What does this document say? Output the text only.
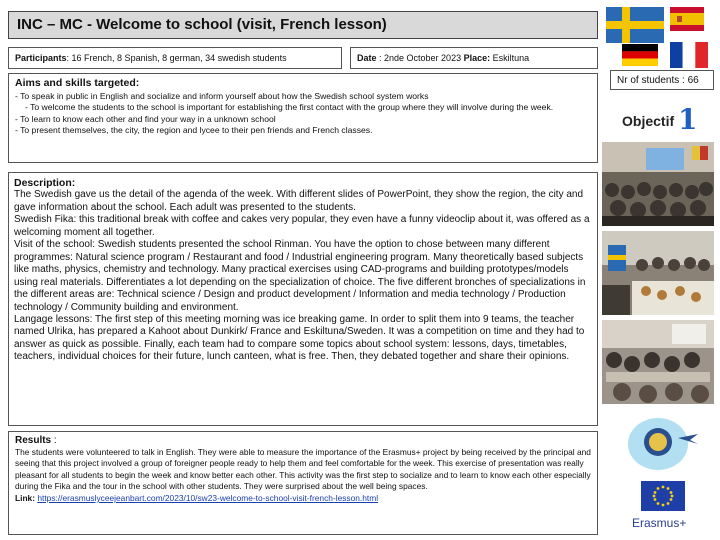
INC – MC - Welcome to school (visit, French lesson)
Participants: 16 French, 8 Spanish, 8 german, 34 swedish students	Date : 2nde October 2023 Place: Eskiltuna
Aims and skills targeted:
- To speak in public in English and socialize and inform yourself about how the Swedish school system works
- To welcome the students to the school is important for establishing the first contact with the group where they will involve during the week.
- To learn to know each other and find your way in a unknown school
- To present themselves, the city, the region and lycee to their pen friends and French classes.
Description:
The Swedish gave us the detail of the agenda of the week. With different slides of PowerPoint, they show the region, the city and gave information about the school. Each adult was presented to the students.
Swedish Fika: this traditional break with coffee and cakes very popular, they even have a funny videoclip about it, was offered as a welcoming moment all together.
Visit of the school: Swedish students presented the school Rinman. You have the option to chose between many different programmes: Natural science program / Restaurant and food / Industrial engineering program. Many theoretically based subjects like maths, physics, chemistry and technology. Many practical exercises using CAD-programs and building prototypes/models using real materials. Differentiates a lot depending on the specialization of choice. The five different bronches of specializations in the different areas are: Technical science / Design and product development / Information and media technology / Production technology / Community building and environment.
Langage lessons: The first step of this meeting morning was ice breaking game. In order to split them into 9 teams, the teacher named Ulrika, has prepared a Kahoot about Dunkirk/ France and Eskiltuna/Sweden. It was a competition on time and they had to answer as quick as possible. Finally, each team had to compare some topics about school system: lessons, days, timetables, teachers, individual choices for their future, lunch canteen, what is free. Then, they debated together and share their opinions.
Results :
The students were volunteered to talk in English. They were able to measure the importance of the Erasmus+ project by being received by the principal and seeing that this project involved a group of foreigner people ready to help them and feel comfortable for the week. This exercise of presentation was really pleasant for all students to begin the week and know better each other. This activity was the first step to socialize and to learn to know each other especially during the Fika and the tour in the school with other students. They were surprised about the well being spaces.
Link: https://erasmuslyceejeanbart.com/2023/10/sw23-welcome-to-school-visit-french-lesson.html
Nr of students : 66
Objectif 1
Erasmus+
